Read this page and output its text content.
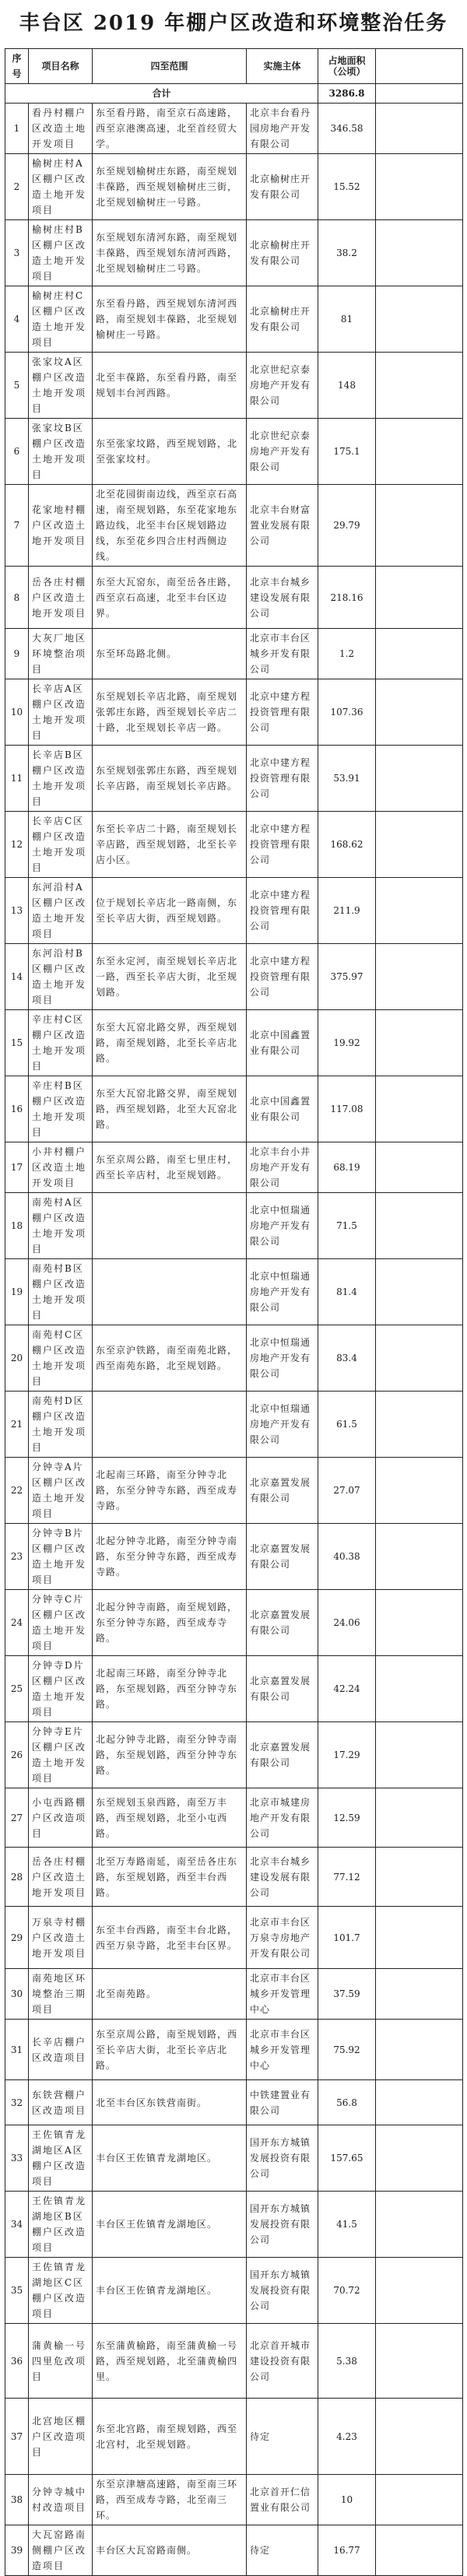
丰台区 2019 年棚户区改造和环境整治任务
序号	项目名称	四至范围	实施主体	占地面积
（公顷）	
合计				3286.8	
1	看丹村棚户区改造土地开发项目	东至看丹路，南至京石高速路，西至京港澳高速，北至首经贸大学。	北京丰台看丹园房地产开发有限公司	346.58	
2	榆树庄村A区棚户区改造土地开发项目	东至规划榆树庄东路，南至规划丰葆路，西至规划榆树庄三街，北至规划榆树庄一号路。	北京榆树庄开发有限公司	15.52	
3	榆树庄村B区棚户区改造土地开发项目	东至规划东清河东路，南至规划丰葆路，西至规划东清河西路，北至规划榆树庄二号路。	北京榆树庄开发有限公司	38.2	
4	榆树庄村C区棚户区改造土地开发项目	东至看丹路，西至规划东清河西路，南至规划丰葆路，北至规划榆树庄一号路。	北京榆树庄开发有限公司	81	
5	张家坟A区棚户区改造土地开发项目	北至丰葆路，东至看丹路，南至规划丰台河西路。	北京世纪京泰房地产开发有限公司	148	
6	张家坟B区棚户区改造土地开发项目	东至张家坟路，西至规划路，北至张家坟村。	北京世纪京泰房地产开发有限公司	175.1	
7	花家地村棚户区改造土地开发项目	北至花园街南边线，西至京石高速，南至规划路，东至花家地东路边线，北至丰台区规划路边线，东至花乡四合庄村西侧边线。	北京丰台财富置业发展有限公司	29.79	
8	岳各庄村棚户区改造土地开发项目	东至大瓦窑东，南至岳各庄路，西至京石高速，北至丰台区边界。	北京丰台城乡建设发展有限公司	218.16	
9	大灰厂地区环境整治项目	东至环岛路北侧。	北京市丰台区城乡开发有限公司	1.2	
10	长辛店A区棚户区改造土地开发项目	东至规划长辛店北路，南至规划张郭庄东路，西至规划长辛店二十路，北至规划长辛店一路。	北京中建方程投资管理有限公司	107.36	
11	长辛店B区棚户区改造土地开发项目	东至规划张郭庄东路，西至规划长辛店路，南至规划长辛店路。	北京中建方程投资管理有限公司	53.91	
12	长辛店C区棚户区改造土地开发项目	东至长辛店二十路，南至规划长辛店路，西至规划路，北至长辛店小区。	北京中建方程投资管理有限公司	168.62	
13	东河沿村A区棚户区改造土地开发项目	位于规划长辛店北一路南侧，东至长辛店大街，西至规划路。	北京中建方程投资管理有限公司	211.9	
14	东河沿村B区棚户区改造土地开发项目	东至永定河，南至规划长辛店北一路，西至长辛店大街，北至规划路。	北京中建方程投资管理有限公司	375.97	
15	辛庄村C区棚户区改造土地开发项目	东至大瓦窑北路交界，西至规划路，南至规划路，北至长辛店北路。	北京中国鑫置业有限公司	19.92	
16	辛庄村B区棚户区改造土地开发项目	东至大瓦窑北路交界，南至规划路，西至规划路，北至大瓦窑北路。	北京中国鑫置业有限公司	117.08	
17	小井村棚户区改造土地开发项目	东至京周公路，南至七里庄村，西至长辛店村，北至规划路。	北京丰台小井房地产开发有限公司	68.19	
18	南苑村A区棚户区改造土地开发项目		北京中恒瑞通房地产开发有限公司	71.5	
19	南苑村B区棚户区改造土地开发项目		北京中恒瑞通房地产开发有限公司	81.4	
20	南苑村C区棚户区改造土地开发项目	东至京沪铁路，南至南苑北路，西至南苑东路，北至规划路。	北京中恒瑞通房地产开发有限公司	83.4	
21	南苑村D区棚户区改造土地开发项目		北京中恒瑞通房地产开发有限公司	61.5	
22	分钟寺A片区棚户区改造土地开发项目	北起南三环路，南至分钟寺北路，东至分钟寺东路，西至成寿寺路。	北京嘉置发展有限公司	27.07	
23	分钟寺B片区棚户区改造土地开发项目	北起分钟寺北路，南至分钟寺南路，东至分钟寺东路，西至成寿寺路。	北京嘉置发展有限公司	40.38	
24	分钟寺C片区棚户区改造土地开发项目	北起分钟寺南路，南至规划路，东至分钟寺东路，西至成寿寺路。	北京嘉置发展有限公司	24.06	
25	分钟寺D片区棚户区改造土地开发项目	北起南三环路，南至分钟寺北路，东至规划路，西至分钟寺东路。	北京嘉置发展有限公司	42.24	
26	分钟寺E片区棚户区改造土地开发项目	北起分钟寺北路，南至分钟寺南路，东至规划路，西至分钟寺东路。	北京嘉置发展有限公司	17.29	
27	小屯西路棚户区改造项目	东至规划玉泉西路，南至万丰路，西至规划路，北至小屯西路。	北京市城建房地产开发有限公司	12.59	
28	岳各庄村棚户区改造土地开发项目	北至万寿路南延，南至岳各庄东路，东至规划路，西至丰台西路。	北京丰台城乡建设发展有限公司	77.12	
29	万泉寺村棚户区改造土地开发项目	东至丰台西路，南至丰台北路，西至万泉寺路，北至丰台区界。	北京市丰台区万泉寺房地产开发有限公司	101.7	
30	南苑地区环境整治三期项目	北至南苑路。	北京市丰台区城乡开发管理中心	37.59	
31	长辛店棚户区改造项目	东至京周公路，南至规划路，西至长辛店大街，北至长辛店北路。	北京市丰台区城乡开发管理中心	75.92	
32	东铁营棚户区改造项目	北至丰台区东铁营南街。	中铁建置业有限公司	56.8	
33	王佐镇青龙湖地区A区棚户区改造项目	丰台区王佐镇青龙湖地区。	国开东方城镇发展投资有限公司	157.65	
34	王佐镇青龙湖地区B区棚户区改造项目	丰台区王佐镇青龙湖地区。	国开东方城镇发展投资有限公司	41.5	
35	王佐镇青龙湖地区C区棚户区改造项目	丰台区王佐镇青龙湖地区。	国开东方城镇发展投资有限公司	70.72	
36	蒲黄榆一号四里危改项目	东至蒲黄榆路，南至蒲黄榆一号路，西至规划路，北至蒲黄榆四里。	北京首开城市建设投资有限公司	5.38	
37	北宫地区棚户区改造项目	东至北宫路，南至规划路，西至北宫村，北至规划路。	待定	4.23	
38	分钟寺城中村改造项目	东至京津塘高速路，南至南三环路，西至成寿寺路，北至南三环。	北京首开仁信置业有限公司	10	
39	大瓦窑路南侧棚户区改造项目	丰台区大瓦窑路南侧。	待定	16.77	
